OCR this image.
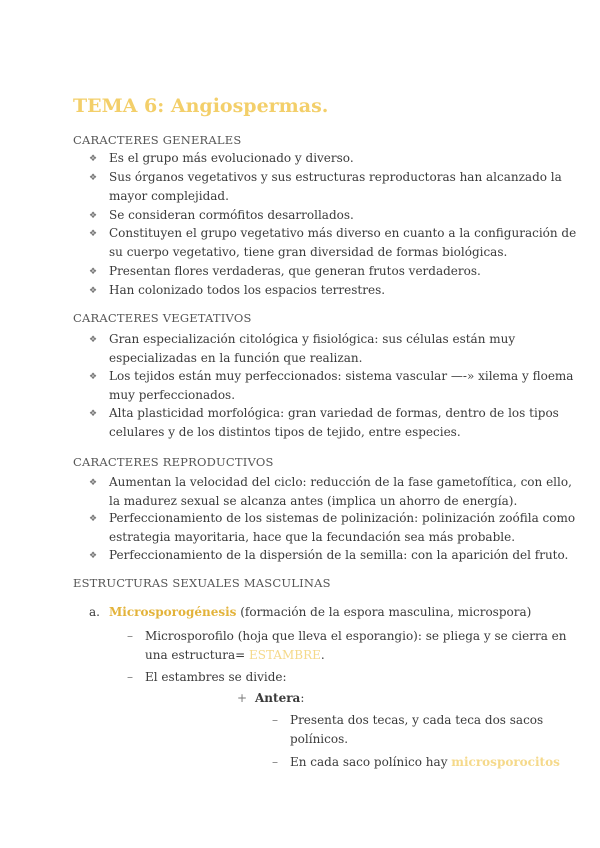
TEMA 6: Angiospermas.
CARACTERES GENERALES
❖ Es el grupo más evolucionado y diverso.
❖ Sus órganos vegetativos y sus estructuras reproductoras han alcanzado la
mayor complejidad.
❖ Se consideran cormófitos desarrollados.
❖ Constituyen el grupo vegetativo más diverso en cuanto a la configuración de
su cuerpo vegetativo, tiene gran diversidad de formas biológicas.
❖ Presentan flores verdaderas, que generan frutos verdaderos.
❖ Han colonizado todos los espacios terrestres.
CARACTERES VEGETATIVOS
❖ Gran especialización citológica y fisiológica: sus células están muy
especializadas en la función que realizan.
❖ Los tejidos están muy perfeccionados: sistema vascular —-» xilema y floema
muy perfeccionados.
❖ Alta plasticidad morfológica: gran variedad de formas, dentro de los tipos
celulares y de los distintos tipos de tejido, entre especies.
CARACTERES REPRODUCTIVOS
❖ Aumentan la velocidad del ciclo: reducción de la fase gametofítica, con ello,
la madurez sexual se alcanza antes (implica un ahorro de energía).
❖ Perfeccionamiento de los sistemas de polinización: polinización zoófila como
estrategia mayoritaria, hace que la fecundación sea más probable.
❖ Perfeccionamiento de la dispersión de la semilla: con la aparición del fruto.
ESTRUCTURAS SEXUALES MASCULINAS
a. Microsporogénesis (formación de la espora masculina, microspora)
– Microsporofilo (hoja que lleva el esporangio): se pliega y se cierra en
una estructura= ESTAMBRE.
– El estambres se divide:
+ Antera:
– Presenta dos tecas, y cada teca dos sacos
polínicos.
– En cada saco polínico hay microsporocitos
